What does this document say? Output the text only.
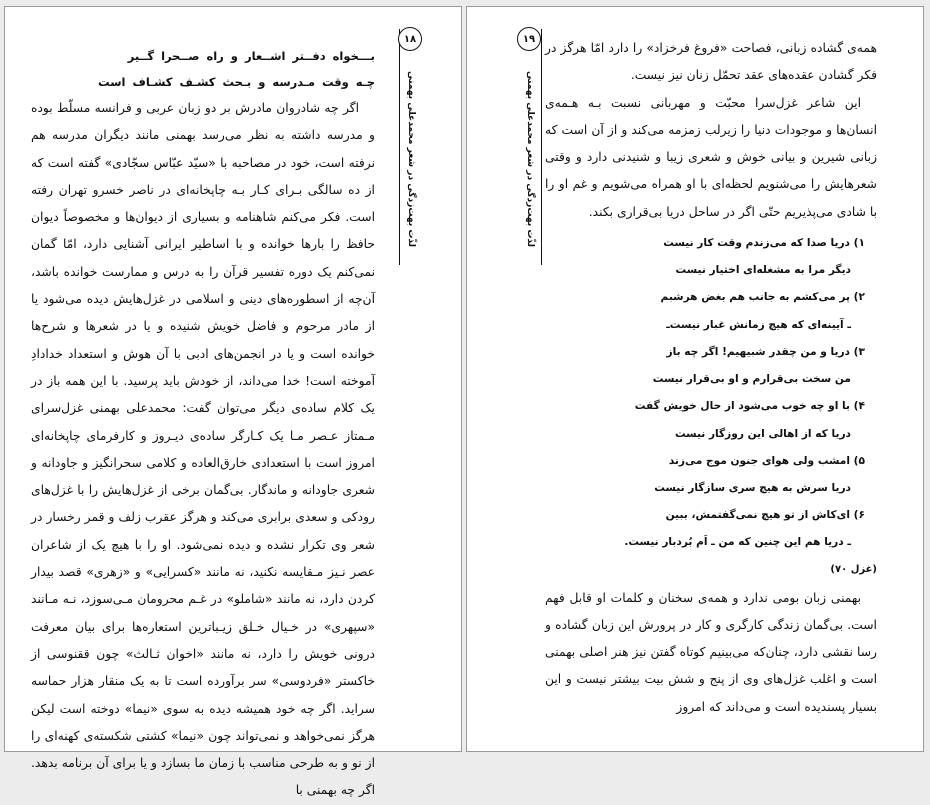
١٨
لذّت بهت‌زدگی در شعر محمدعلی بهمنی
بـــخواه دفــتر اشــعار و راه صــحرا گــیر
چـه وقت مـدرسه و بـحث کشـف کشـاف است

اگر چه شادروان مادرش بر دو زبان عربی و فرانسه مسلّط بوده و مدرسه داشته به نظر می‌رسد بهمنی مانند دیگران مدرسه هم نرفته است، خود در مصاحبه با «سیّد عبّاس سجّادی» گفته است که از ده سالگی بـرای کـار بـه چاپخانه‌ای در ناصر خسرو تهران رفته است. فکر می‌کنم شاهنامه و بسیاری از دیوان‌ها و مخصوصاً دیوان حافظ را بارها خوانده و با اساطیر ایرانی آشنایی دارد، امّا گمان نمی‌کنم یک دوره تفسیر قرآن را به درس و ممارست خوانده باشد، آن‌چه از اسطوره‌های دینی و اسلامی در غزل‌هایش دیده می‌شود یا از مادر مرحوم و فاضل خویش شنیده و یا در شعرها و شرح‌ها خوانده است و یا در انجمن‌های ادبی با آن هوش و استعداد خدادادِ آموخته است! خدا می‌داند، از خودش باید پرسید. با این همه باز در یک کلام ساده‌ی دیگر می‌توان گفت: محمدعلی بهمنی غزل‌سرای مـمتاز عـصر مـا یک کـارگر ساده‌ی دیـروز و کارفرمای چاپخانه‌ای امروز است با استعدادی خارق‌العاده و کلامی سحرانگیز و جاودانه و شعری جاودانه و ماندگار. بی‌گمان برخی از غزل‌هایش را با غزل‌های رودکی و سعدی برابری می‌کند و هرگز عقرب زلف و قمر رخسار در شعر وی تکرار نشده و دیده نمی‌شود. او را با هیچ یک از شاعران عصر نـیز مـقایسه نکنید، نه مانند «کسرایی» و «زهری» قصد بیدار کردن دارد، نه مانند «شاملو» در غـم محرومان مـی‌سوزد، نـه مـانند «سپهری» در خـیال خـلق زیـباترین استعاره‌ها برای بیان معرفت درونی خویش را دارد، نه مانند «اخوان ثـالث» چون ققنوسی از خاکستر «فردوسی» سر برآورده است تا به یک منقار هزار حماسه سراید. اگر چه خود همیشه دیده به سوی «نیما» دوخته است لیکن هرگز نمی‌خواهد و نمی‌تواند چون «نیما» کشتی شکسته‌ی کهنه‌ای را از نو و به طرحی مناسب با زمان ما بسازد و یا برای آن برنامه بدهد. اگر چه بهمنی با

١٩
لذّت بهت‌زدگی در شعر محمدعلی بهمنی

همه‌ی گشاده زبانی، فصاحت «فروغ فرخزاد» را دارد امّا هرگز در فکر گشادن عقده‌های عقد تحمّل زنان نیز نیست.

این شاعر غزل‌سرا محبّت و مهربانی نسبت بـه هـمه‌ی انسان‌ها و موجودات دنیا را زیرلب زمزمه می‌کند و از آن است که زبانی شیرین و بیانی خوش و شعری زیبا و شنیدنی دارد و وقتی شعرهایش را می‌شنویم لحظه‌ای با او همراه می‌شویم و غم او را با شادی می‌پذیریم حتّی اگر در ساحل دریا بی‌قراری بکند.

١) دریا صدا که می‌زندم وقت کار نیست
دیگر مرا به مشغله‌ای اختیار نیست
٢) پر می‌کشم به جانب هم بغض هرشبم
ـ آیینه‌ای که هیچ زمانش غبار نیست‌ـ
٣) دریا و من چقدر شبیهیم! اگر چه باز
من سخت بی‌قرارم و او بی‌قرار نیست
۴) با او چه خوب می‌شود از حال خویش گفت
دریا که از اهالی این روزگار نیست
۵) امشب ولی هوای جنون موج می‌زند
دریا سرش به هیچ سری سازگار نیست
۶) ای‌کاش از تو هیچ نمی‌گفتمش، ببین
ـ دریا هم این چنین که من ـ اَم بُردبار نیست.
(غزل ٧٠)

بهمنی زبان بومی ندارد و همه‌ی سخنان و کلمات او قابل فهم است. بی‌گمان زندگی کارگری و کار در پرورش این زبان گشاده و رسا نقشی دارد، چنان‌که می‌بینیم کوتاه گفتن نیز هنر اصلی بهمنی است و اغلب غزل‌های وی از پنج و شش بیت بیشتر نیست و این بسیار پسندیده است و می‌داند که امروز
